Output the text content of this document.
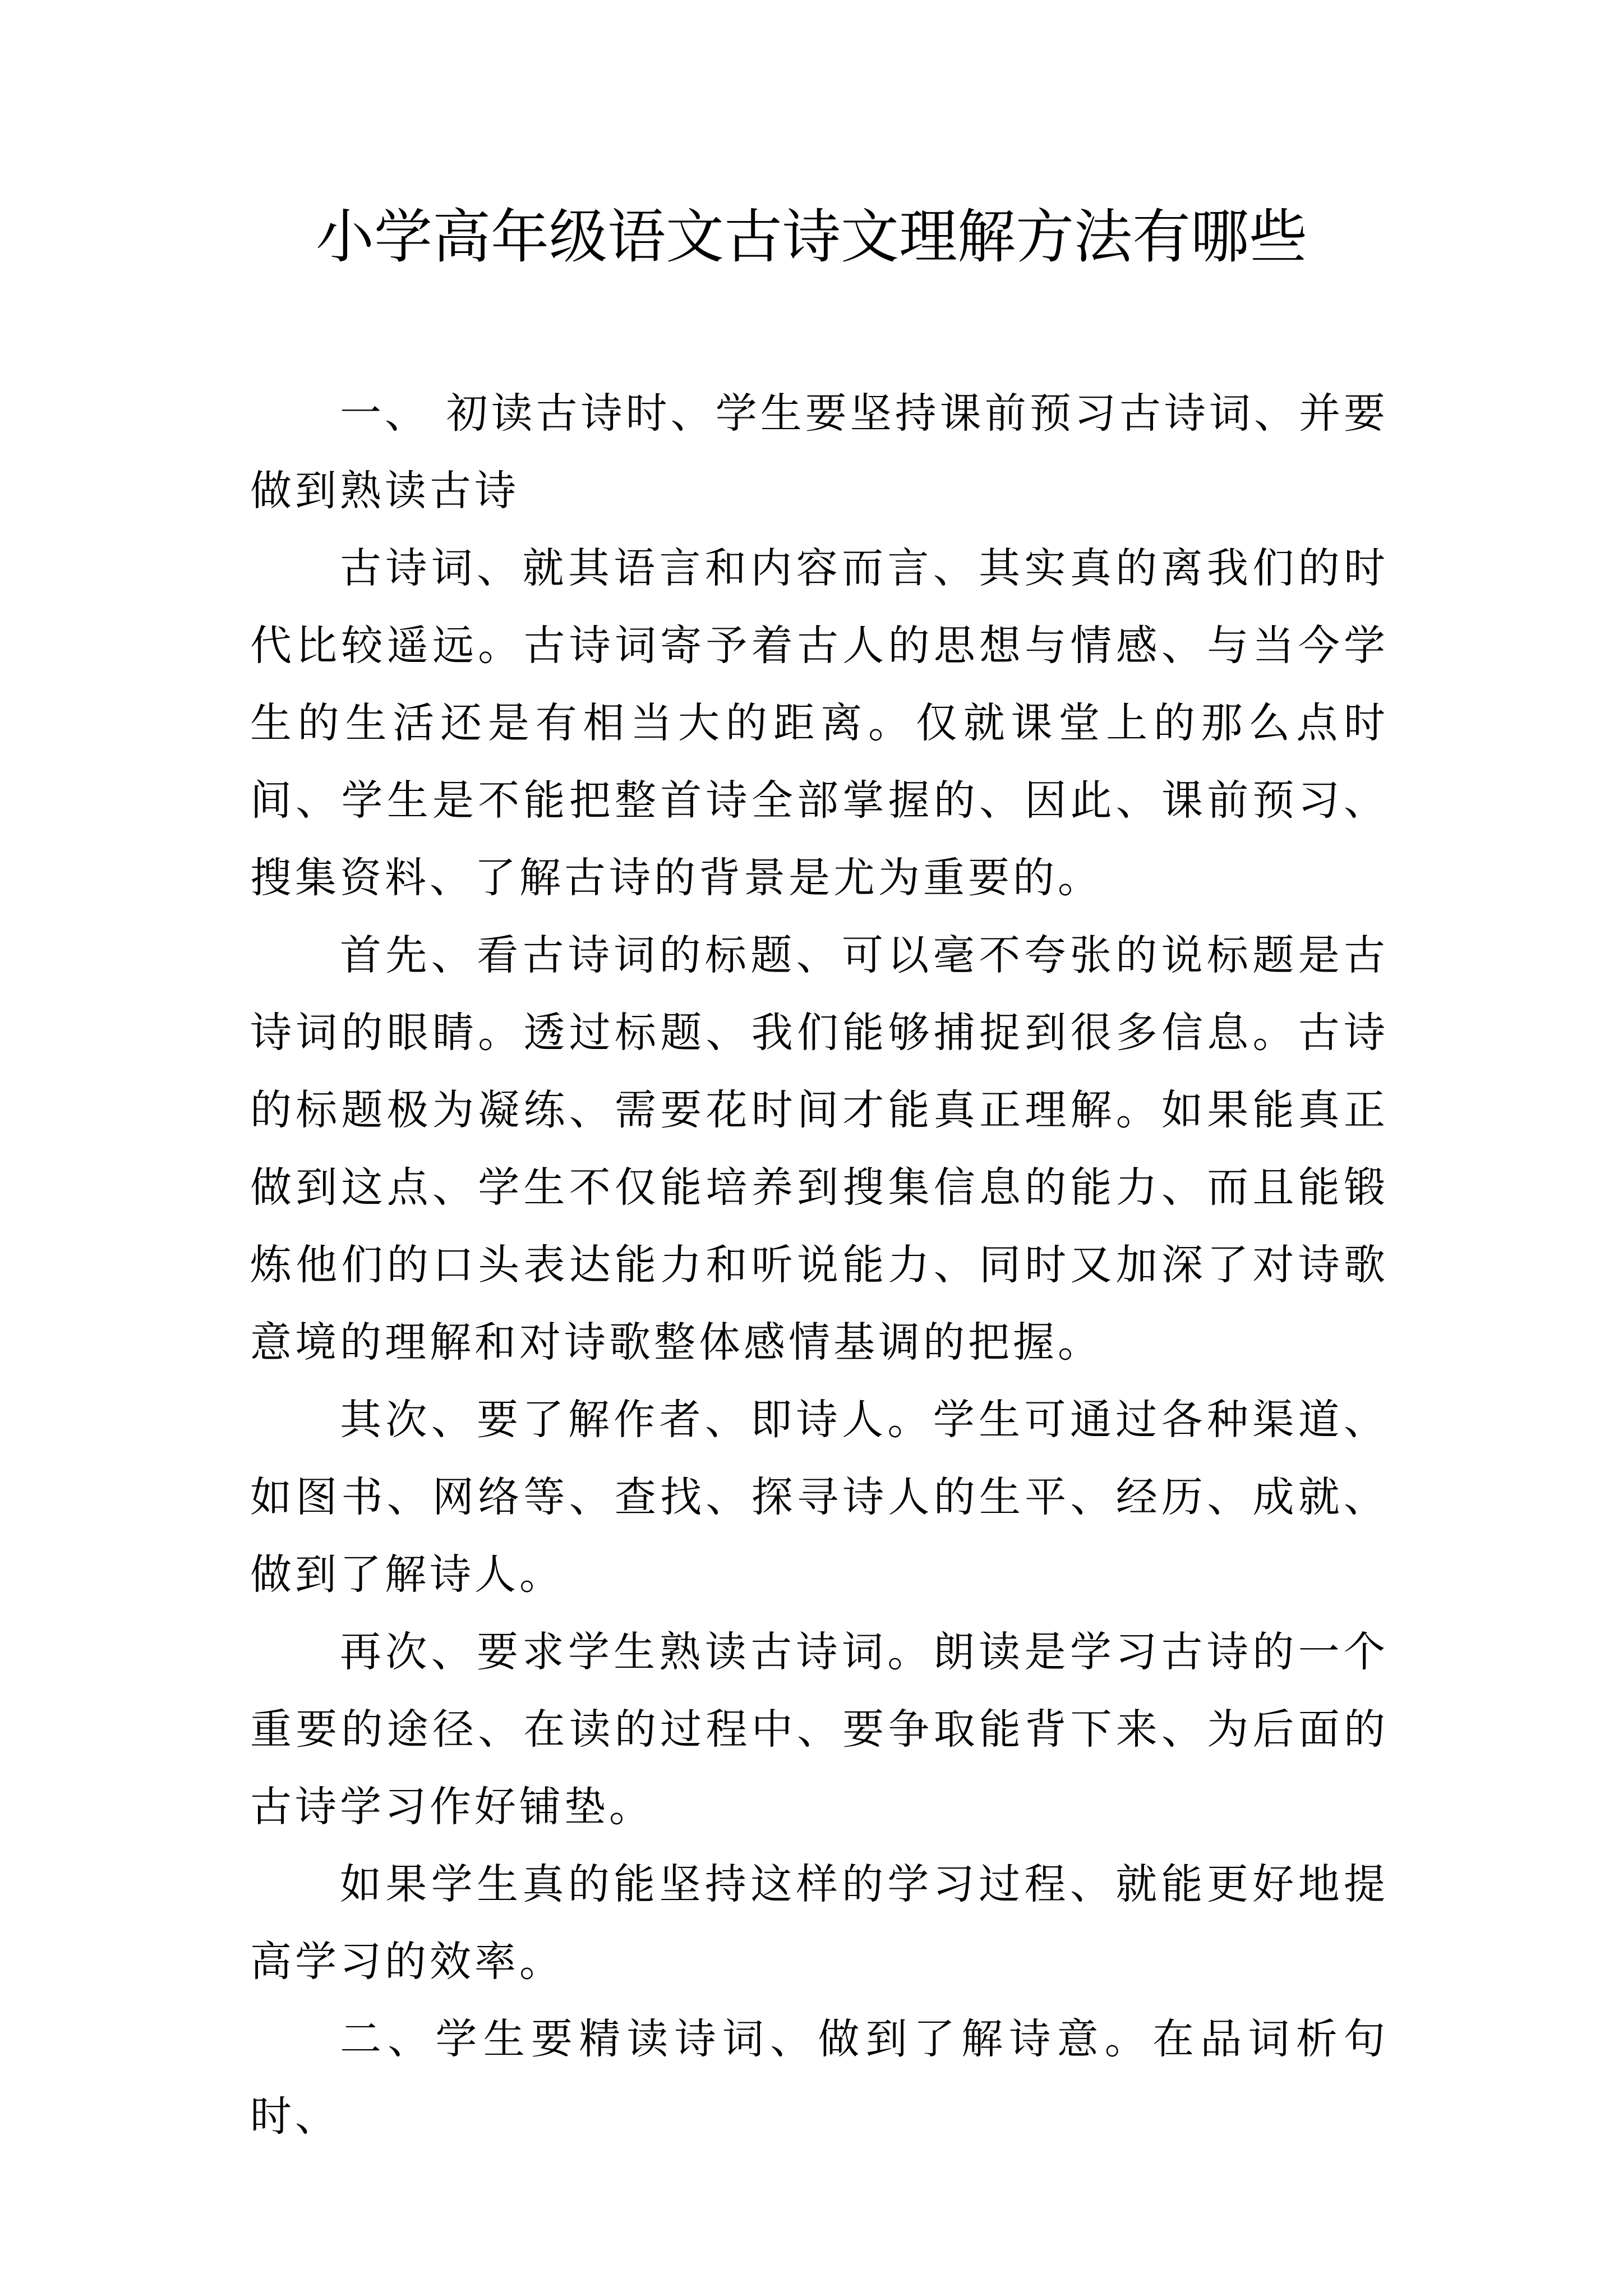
小学高年级语文古诗文理解方法有哪些

一、 初读古诗时、学生要坚持课前预习古诗词、并要做到熟读古诗

古诗词、就其语言和内容而言、其实真的离我们的时代比较遥远。古诗词寄予着古人的思想与情感、与当今学生的生活还是有相当大的距离。仅就课堂上的那么点时间、学生是不能把整首诗全部掌握的、因此、课前预习、搜集资料、了解古诗的背景是尤为重要的。

首先、看古诗词的标题、可以毫不夸张的说标题是古诗词的眼睛。透过标题、我们能够捕捉到很多信息。古诗的标题极为凝练、需要花时间才能真正理解。如果能真正做到这点、学生不仅能培养到搜集信息的能力、而且能锻炼他们的口头表达能力和听说能力、同时又加深了对诗歌意境的理解和对诗歌整体感情基调的把握。

其次、要了解作者、即诗人。学生可通过各种渠道、如图书、网络等、查找、探寻诗人的生平、经历、成就、做到了解诗人。

再次、要求学生熟读古诗词。朗读是学习古诗的一个重要的途径、在读的过程中、要争取能背下来、为后面的古诗学习作好铺垫。

如果学生真的能坚持这样的学习过程、就能更好地提高学习的效率。

二、学生要精读诗词、做到了解诗意。在品词析句时、
